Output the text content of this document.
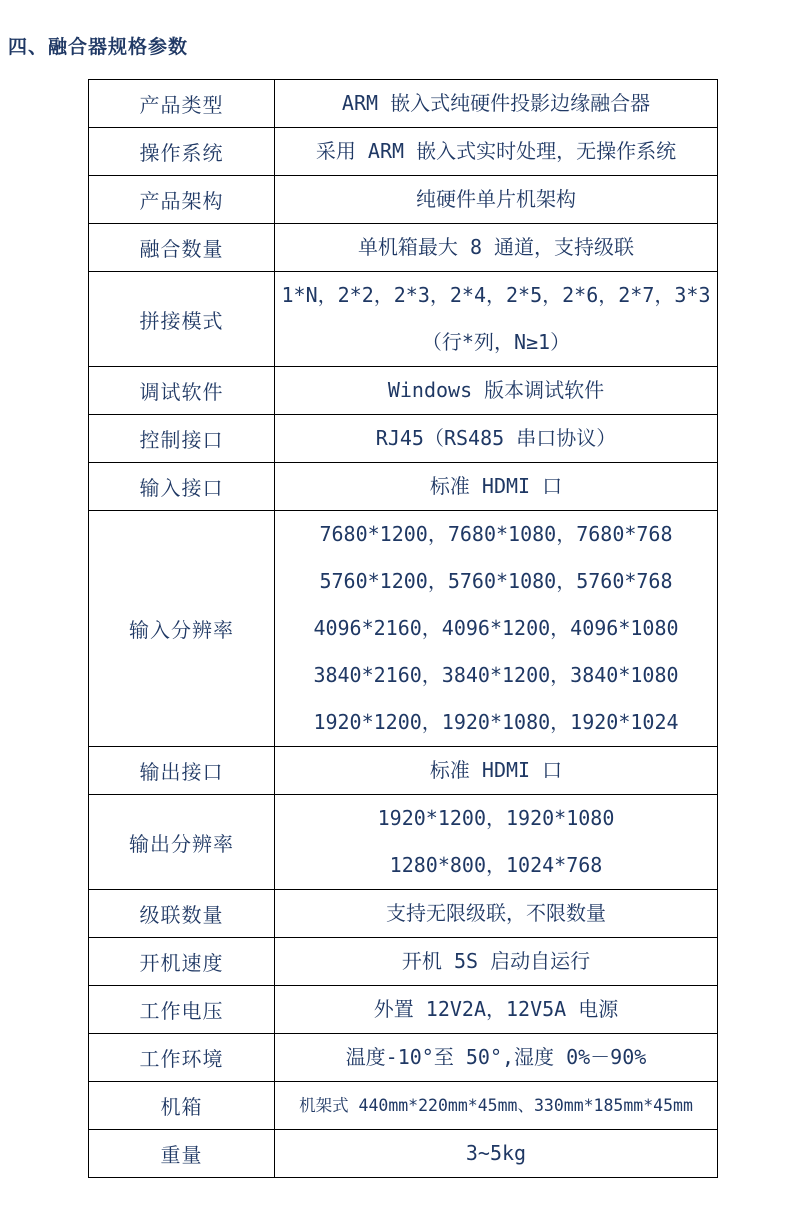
四、融合器规格参数
产品类型	ARM 嵌入式纯硬件投影边缘融合器

操作系统	采用 ARM 嵌入式实时处理，无操作系统

产品架构	纯硬件单片机架构

融合数量	单机箱最大 8 通道，支持级联

拼接模式	1*N，2*2，2*3，2*4，2*5，2*6，2*7，3*3
（行*列，N≥1）

调试软件	Windows 版本调试软件

控制接口	RJ45（RS485 串口协议）

输入接口	标准 HDMI 口

输入分辨率	7680*1200，7680*1080，7680*768
5760*1200，5760*1080，5760*768
4096*2160，4096*1200，4096*1080
3840*2160，3840*1200，3840*1080
1920*1200，1920*1080，1920*1024

输出接口	标准 HDMI 口

输出分辨率	1920*1200，1920*1080
1280*800，1024*768

级联数量	支持无限级联，不限数量

开机速度	开机 5S 启动自运行

工作电压	外置 12V2A，12V5A 电源

工作环境	温度-10°至 50°,湿度 0%－90%

机箱	机架式 440mm*220mm*45mm、330mm*185mm*45mm

重量	3~5kg
